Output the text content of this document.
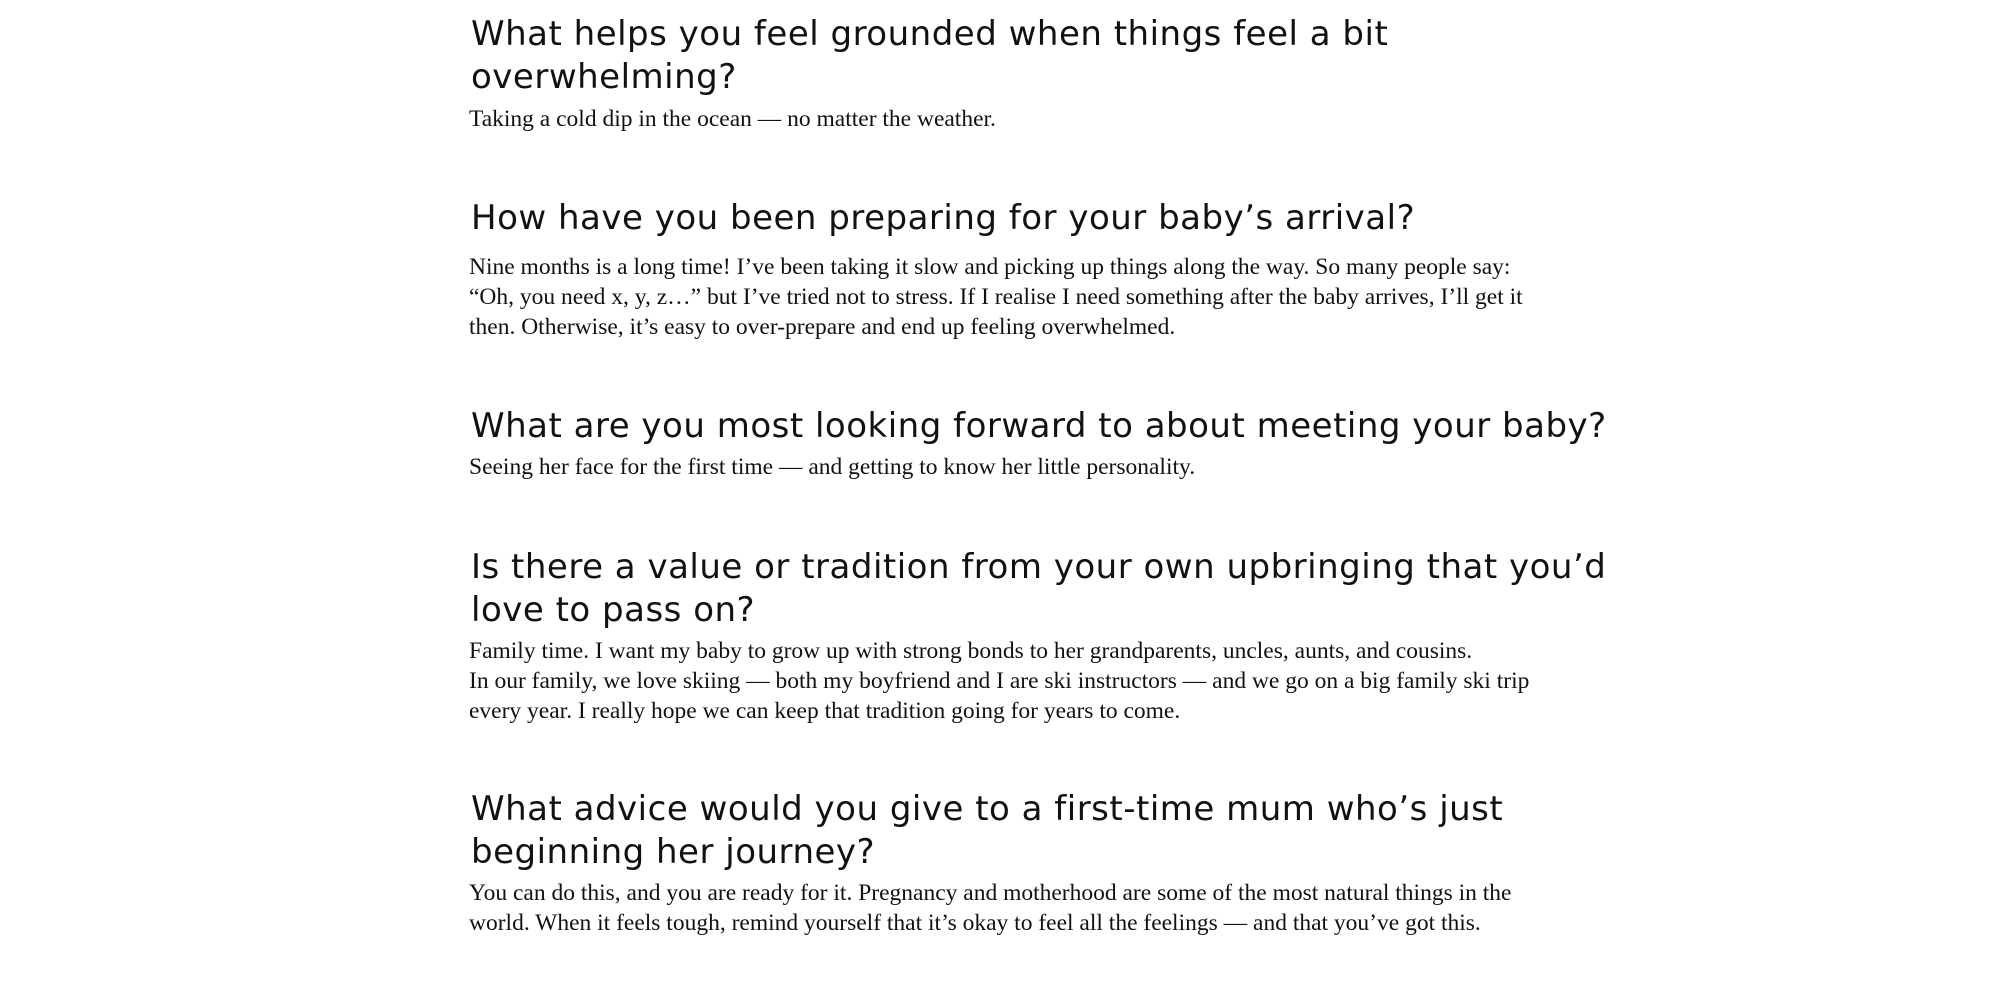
What helps you feel grounded when things feel a bit overwhelming?

Taking a cold dip in the ocean — no matter the weather.

How have you been preparing for your baby’s arrival?

Nine months is a long time! I’ve been taking it slow and picking up things along the way. So many people say: “Oh, you need x, y, z…” but I’ve tried not to stress. If I realise I need something after the baby arrives, I’ll get it then. Otherwise, it’s easy to over-prepare and end up feeling overwhelmed.

What are you most looking forward to about meeting your baby?

Seeing her face for the first time — and getting to know her little personality.

Is there a value or tradition from your own upbringing that you’d love to pass on?

Family time. I want my baby to grow up with strong bonds to her grandparents, uncles, aunts, and cousins.
In our family, we love skiing — both my boyfriend and I are ski instructors — and we go on a big family ski trip every year. I really hope we can keep that tradition going for years to come.

What advice would you give to a first-time mum who’s just beginning her journey?

You can do this, and you are ready for it. Pregnancy and motherhood are some of the most natural things in the world. When it feels tough, remind yourself that it’s okay to feel all the feelings — and that you’ve got this.
